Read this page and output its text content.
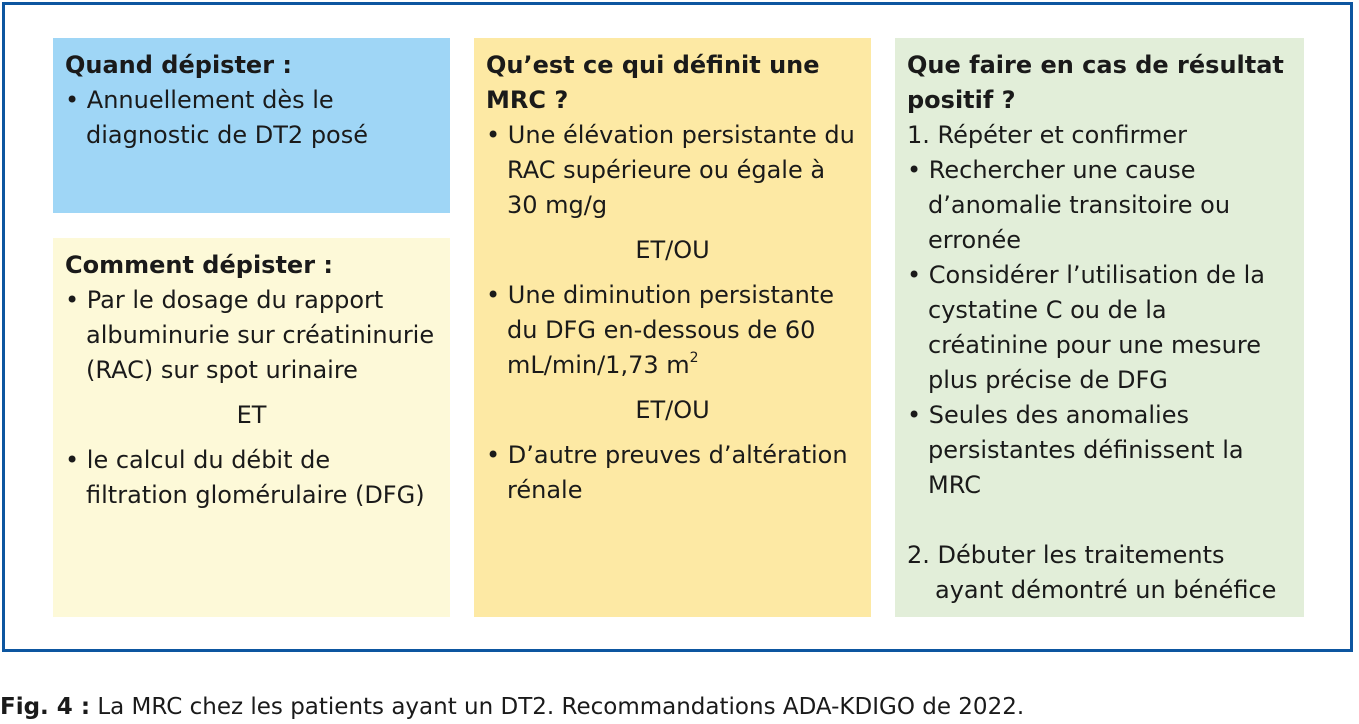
Quand dépister :
• Annuellement dès le diagnostic de DT2 posé
Comment dépister :
• Par le dosage du rapport albuminurie sur créatininurie (RAC) sur spot urinaire
ET
• le calcul du débit de filtration glomérulaire (DFG)
Qu’est ce qui définit une MRC ?
• Une élévation persistante du RAC supérieure ou égale à 30 mg/g
ET/OU
• Une diminution persistante du DFG en-dessous de 60 mL/min/1,73 $m^2$
ET/OU
• D’autre preuves d’altération rénale
Que faire en cas de résultat positif ?
1. Répéter et confirmer
• Rechercher une cause d’anomalie transitoire ou erronée
• Considérer l’utilisation de la cystatine C ou de la créatinine pour une mesure plus précise de DFG
• Seules des anomalies persistantes définissent la MRC
2. Débuter les traitements ayant démontré un bénéfice
Fig. 4 : La MRC chez les patients ayant un DT2. Recommandations ADA-KDIGO de 2022.
